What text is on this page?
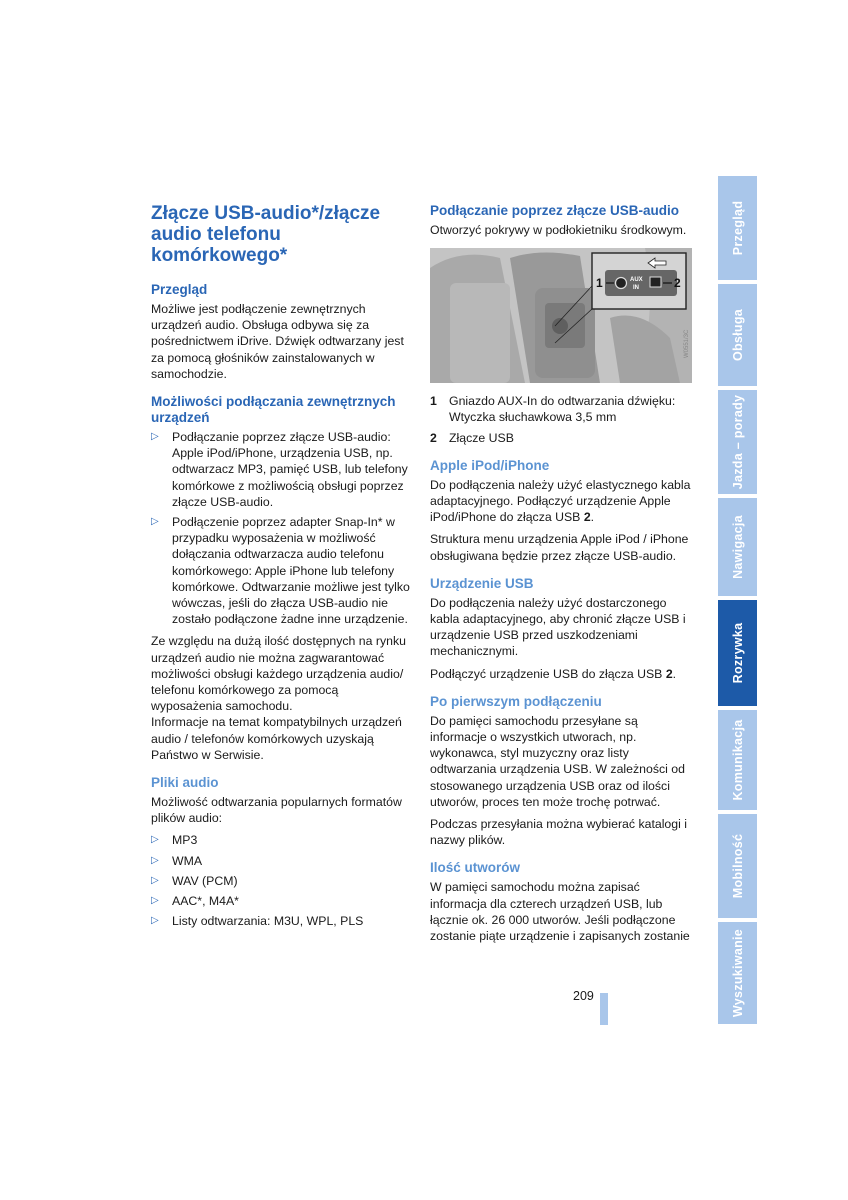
Złącze USB-audio*/złącze audio telefonu komórkowego*
Przegląd

Możliwe jest podłączenie zewnętrznych urządzeń audio. Obsługa odbywa się za pośrednictwem iDrive. Dźwięk odtwarzany jest za pomocą głośników zainstalowanych w samochodzie.

Możliwości podłączania zewnętrznych urządzeń
▷ Podłączanie poprzez złącze USB-audio: Apple iPod/iPhone, urządzenia USB, np. odtwarzacz MP3, pamięć USB, lub telefony komórkowe z możliwością obsługi poprzez złącze USB-audio.
▷ Podłączenie poprzez adapter Snap-In* w przypadku wyposażenia w możliwość dołączania odtwarzacza audio telefonu komórkowego: Apple iPhone lub telefony komórkowe. Odtwarzanie możliwe jest tylko wówczas, jeśli do złącza USB-audio nie zostało podłączone żadne inne urządzenie.

Ze względu na dużą ilość dostępnych na rynku urządzeń audio nie można zagwarantować możliwości obsługi każdego urządzenia audio/ telefonu komórkowego za pomocą wyposażenia samochodu.

Informacje na temat kompatybilnych urządzeń audio / telefonów komórkowych uzyskają Państwo w Serwisie.

Pliki audio

Możliwość odtwarzania popularnych formatów plików audio:

▷ MP3
▷ WMA
▷ WAV (PCM)
▷ AAC*, M4A*
▷ Listy odtwarzania: M3U, WPL, PLS
Podłączanie poprzez złącze USB-audio

Otworzyć pokrywy w podłokietniku środkowym.

AUX
IN
1	2
W0551/3C
1 Gniazdo AUX-In do odtwarzania dźwięku: Wtyczka słuchawkowa 3,5 mm
2 Złącze USB
Apple iPod/iPhone

Do podłączenia należy użyć elastycznego kabla adaptacyjnego. Podłączyć urządzenie Apple iPod/iPhone do złącza USB 2.

Struktura menu urządzenia Apple iPod / iPhone obsługiwana będzie przez złącze USB-audio.

Urządzenie USB

Do podłączenia należy użyć dostarczonego kabla adaptacyjnego, aby chronić złącze USB i urządzenie USB przed uszkodzeniami mechanicznymi.

Podłączyć urządzenie USB do złącza USB 2.

Po pierwszym podłączeniu

Do pamięci samochodu przesyłane są informacje o wszystkich utworach, np. wykonawca, styl muzyczny oraz listy odtwarzania urządzenia USB. W zależności od stosowanego urządzenia USB oraz od ilości utworów, proces ten może trochę potrwać.

Podczas przesyłania można wybierać katalogi i nazwy plików.

Ilość utworów

W pamięci samochodu można zapisać informacja dla czterech urządzeń USB, lub łącznie ok. 26 000 utworów. Jeśli podłączone zostanie piąte urządzenie i zapisanych zostanie

209
Przegląd
Obsługa
Jazda – porady
Nawigacja
Rozrywka
Komunikacja
Mobilność
Wyszukiwanie
